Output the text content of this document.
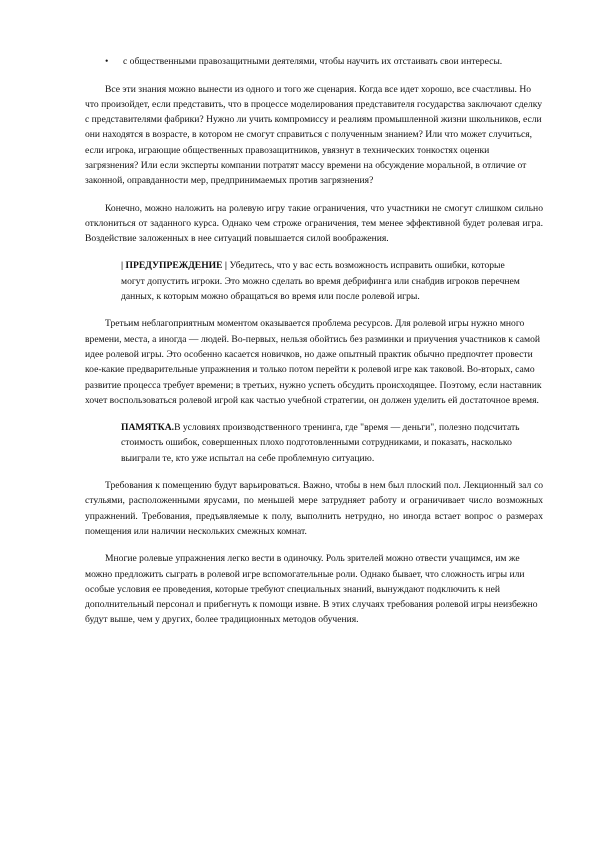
•	с общественными правозащитными деятелями, чтобы научить их отстаивать свои интересы.

Все эти знания можно вынести из одного и того же сценария. Когда все идет хорошо, все счастливы. Но что произойдет, если представить, что в процессе моделирования представителя государства заключают сделку с представителями фабрики? Нужно ли учить компромиссу и реалиям промышленной жизни школьников, если они находятся в возрасте, в котором не смогут справиться с полученным знанием? Или что может случиться, если игрока, играющие общественных правозащитников, увязнут в технических тонкостях оценки загрязнения? Или если эксперты компании потратят массу времени на обсуждение моральной, в отличие от законной, оправданности мер, предпринимаемых против загрязнения?

Конечно, можно наложить на ролевую игру такие ограничения, что участники не смогут слишком сильно отклониться от заданного курса. Однако чем строже ограничения, тем менее эффективной будет ролевая игра. Воздействие заложенных в нее ситуаций повышается силой воображения.

| ПРЕДУПРЕЖДЕНИЕ | Убедитесь, что у вас есть возможность исправить ошибки, которые могут допустить игроки. Это можно сделать во время дебрифинга или снабдив игроков перечнем данных, к которым можно обращаться во время или после ролевой игры.

Третьим неблагоприятным моментом оказывается проблема ресурсов. Для ролевой игры нужно много времени, места, а иногда — людей. Во-первых, нельзя обойтись без разминки и приучения участников к самой идее ролевой игры. Это особенно касается новичков, но даже опытный практик обычно предпочтет провести кое-какие предварительные упражнения и только потом перейти к ролевой игре как таковой. Во-вторых, само развитие процесса требует времени; в третьих, нужно успеть обсудить происходящее. Поэтому, если наставник хочет воспользоваться ролевой игрой как частью учебной стратегии, он должен уделить ей достаточное время.

ПАМЯТКА.В условиях производственного тренинга, где "время — деньги", полезно подсчитать стоимость ошибок, совершенных плохо подготовленными сотрудниками, и показать, насколько выиграли те, кто уже испытал на себе проблемную ситуацию.

Требования к помещению будут варьироваться. Важно, чтобы в нем был плоский пол. Лекционный зал со стульями, расположенными ярусами, по меньшей мере затрудняет работу и ограничивает число возможных упражнений. Требования, предъявляемые к полу, выполнить нетрудно, но иногда встает вопрос о размерах помещения или наличии нескольких смежных комнат.

Многие ролевые упражнения легко вести в одиночку. Роль зрителей можно отвести учащимся, им же можно предложить сыграть в ролевой игре вспомогательные роли. Однако бывает, что сложность игры или особые условия ее проведения, которые требуют специальных знаний, вынуждают подключить к ней дополнительный персонал и прибегнуть к помощи извне. В этих случаях требования ролевой игры неизбежно будут выше, чем у других, более традиционных методов обучения.
